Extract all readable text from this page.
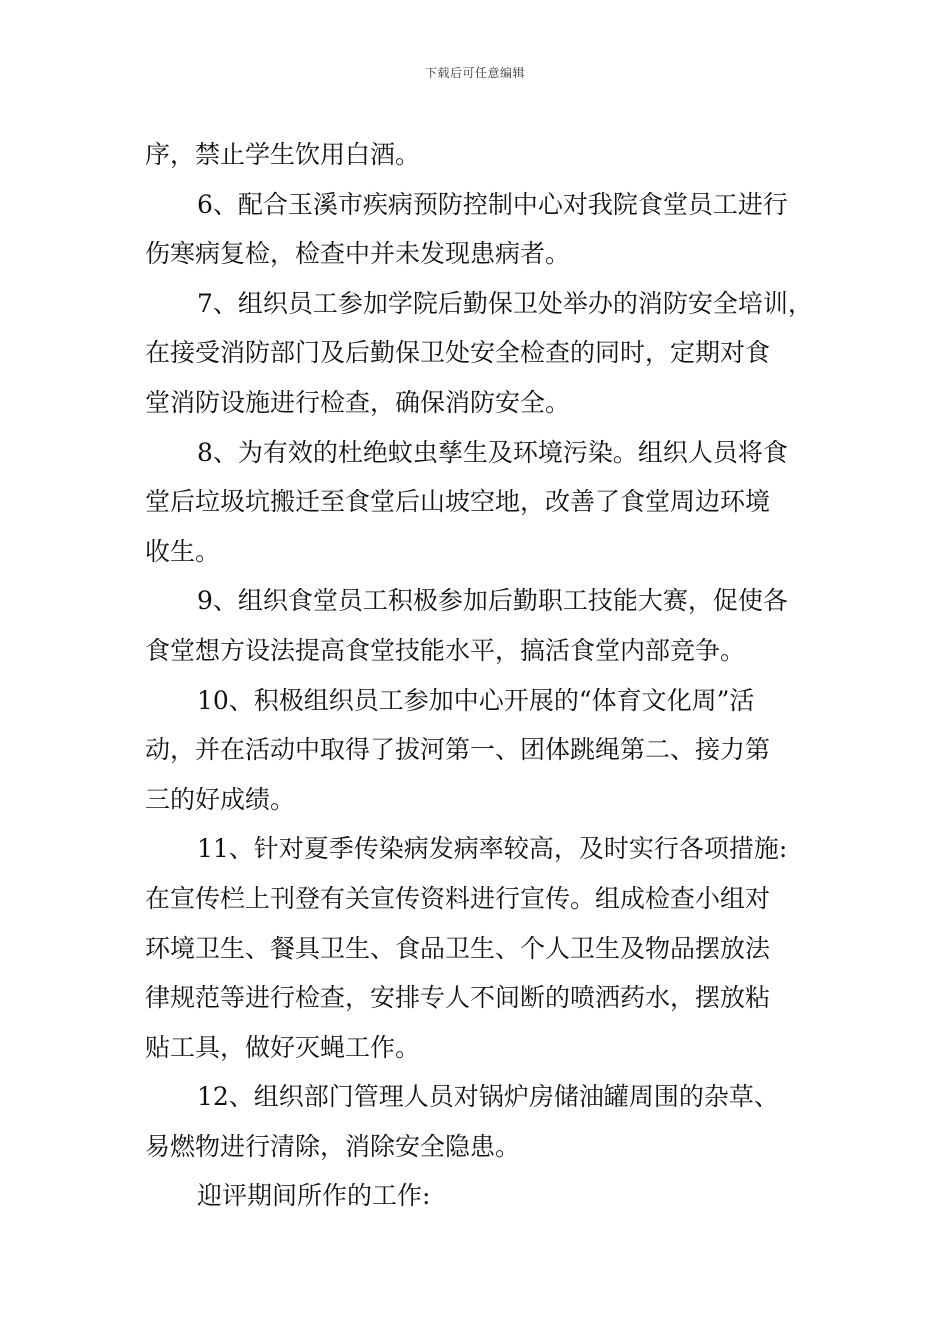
下载后可任意编辑
序，禁止学生饮用白酒。
6、配合玉溪市疾病预防控制中心对我院食堂员工进行
伤寒病复检，检查中并未发现患病者。
7、组织员工参加学院后勤保卫处举办的消防安全培训，
在接受消防部门及后勤保卫处安全检查的同时，定期对食
堂消防设施进行检查，确保消防安全。
8、为有效的杜绝蚊虫孳生及环境污染。组织人员将食
堂后垃圾坑搬迁至食堂后山坡空地，改善了食堂周边环境
收生。
9、组织食堂员工积极参加后勤职工技能大赛，促使各
食堂想方设法提高食堂技能水平，搞活食堂内部竞争。
10、积极组织员工参加中心开展的“体育文化周”活
动，并在活动中取得了拔河第一、团体跳绳第二、接力第
三的好成绩。
11、针对夏季传染病发病率较高，及时实行各项措施:
在宣传栏上刊登有关宣传资料进行宣传。组成检查小组对
环境卫生、餐具卫生、食品卫生、个人卫生及物品摆放法
律规范等进行检查，安排专人不间断的喷洒药水，摆放粘
贴工具，做好灭蝇工作。
12、组织部门管理人员对锅炉房储油罐周围的杂草、
易燃物进行清除，消除安全隐患。
迎评期间所作的工作:
